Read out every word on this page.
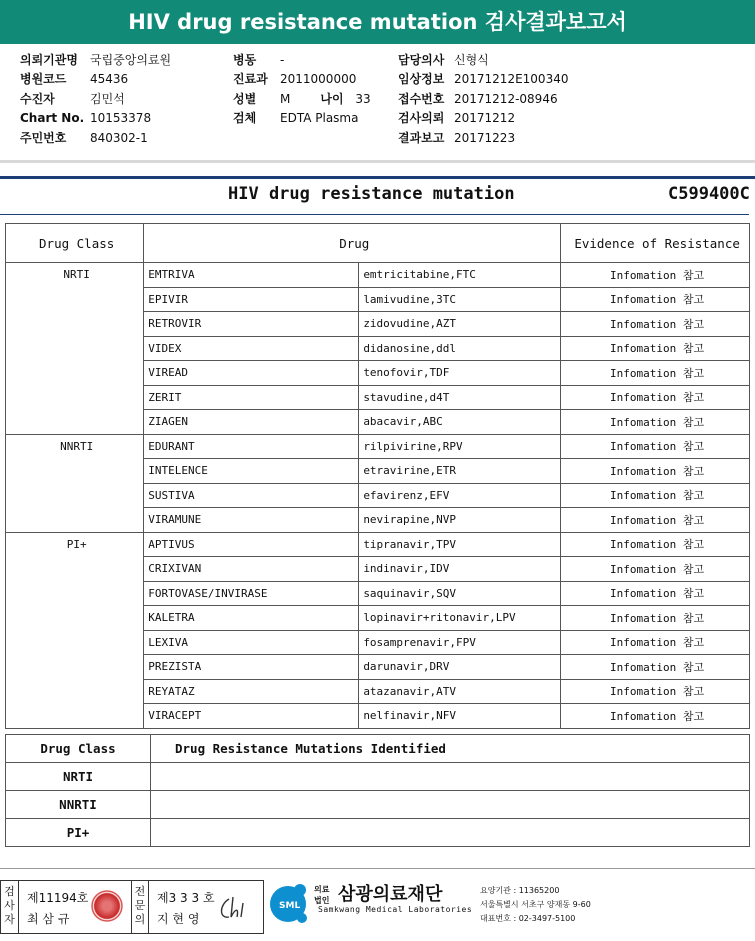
HIV drug resistance mutation 검사결과보고서
의뢰기관명 국립중앙의료원
병원코드 45436
수진자	김민석
Chart No. 10153378
주민번호 840302-1
병동 -
진료과 2011000000
성별 M	나이 33
검체 EDTA Plasma
담당의사 신형식
임상정보 20171212E100340
접수번호 20171212-08946
검사의뢰 20171212
결과보고 20171223
HIV drug resistance mutation	C599400C
Drug Class	Drug		Evidence of Resistance
NRTI	EMTRIVA	emtricitabine,FTC	Infomation 참고
	EPIVIR	lamivudine,3TC	Infomation 참고
	RETROVIR	zidovudine,AZT	Infomation 참고
	VIDEX	didanosine,ddl	Infomation 참고
	VIREAD	tenofovir,TDF	Infomation 참고
	ZERIT	stavudine,d4T	Infomation 참고
	ZIAGEN	abacavir,ABC	Infomation 참고
NNRTI	EDURANT	rilpivirine,RPV	Infomation 참고
	INTELENCE	etravirine,ETR	Infomation 참고
	SUSTIVA	efavirenz,EFV	Infomation 참고
	VIRAMUNE	nevirapine,NVP	Infomation 참고
PI+	APTIVUS	tipranavir,TPV	Infomation 참고
	CRIXIVAN	indinavir,IDV	Infomation 참고
	FORTOVASE/INVIRASE	saquinavir,SQV	Infomation 참고
	KALETRA	lopinavir+ritonavir,LPV	Infomation 참고
	LEXIVA	fosamprenavir,FPV	Infomation 참고
	PREZISTA	darunavir,DRV	Infomation 참고
	REYATAZ	atazanavir,ATV	Infomation 참고
	VIRACEPT	nelfinavir,NFV	Infomation 참고
Drug Class	Drug Resistance Mutations Identified
NRTI	
NNRTI	
PI+	
검사자
제11194호
최 삼 규
전문의
제3 3 3 호
지 현 영
SML
의료
법인 삼광의료재단
Samkwang Medical Laboratories
요양기관 : 11365200
서울특별시 서초구 양재동 9-60
대표번호 : 02-3497-5100
